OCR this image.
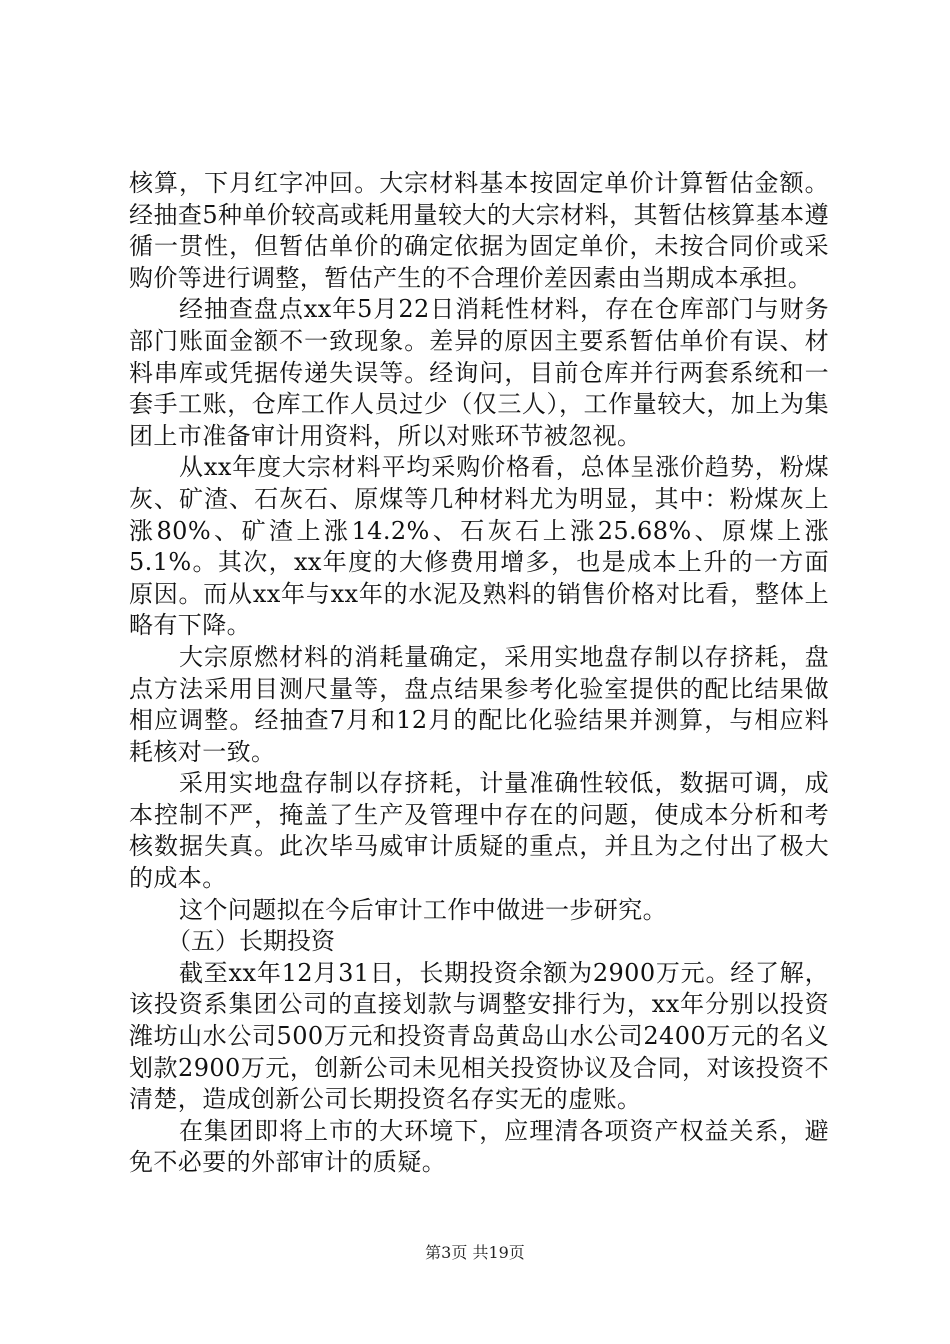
核算，下月红字冲回。大宗材料基本按固定单价计算暂估金额。经抽查5种单价较高或耗用量较大的大宗材料，其暂估核算基本遵循一贯性，但暂估单价的确定依据为固定单价，未按合同价或采购价等进行调整，暂估产生的不合理价差因素由当期成本承担。

经抽查盘点xx年5月22日消耗性材料，存在仓库部门与财务部门账面金额不一致现象。差异的原因主要系暂估单价有误、材料串库或凭据传递失误等。经询问，目前仓库并行两套系统和一套手工账，仓库工作人员过少（仅三人），工作量较大，加上为集团上市准备审计用资料，所以对账环节被忽视。

从xx年度大宗材料平均采购价格看，总体呈涨价趋势，粉煤灰、矿渣、石灰石、原煤等几种材料尤为明显，其中：粉煤灰上涨80%、矿渣上涨14.2%、石灰石上涨25.68%、原煤上涨5.1%。其次，xx年度的大修费用增多，也是成本上升的一方面原因。而从xx年与xx年的水泥及熟料的销售价格对比看，整体上略有下降。

大宗原燃材料的消耗量确定，采用实地盘存制以存挤耗，盘点方法采用目测尺量等，盘点结果参考化验室提供的配比结果做相应调整。经抽查7月和12月的配比化验结果并测算，与相应料耗核对一致。

采用实地盘存制以存挤耗，计量准确性较低，数据可调，成本控制不严，掩盖了生产及管理中存在的问题，使成本分析和考核数据失真。此次毕马威审计质疑的重点，并且为之付出了极大的成本。

这个问题拟在今后审计工作中做进一步研究。

（五）长期投资

截至xx年12月31日，长期投资余额为2900万元。经了解，该投资系集团公司的直接划款与调整安排行为，xx年分别以投资潍坊山水公司500万元和投资青岛黄岛山水公司2400万元的名义划款2900万元，创新公司未见相关投资协议及合同，对该投资不清楚，造成创新公司长期投资名存实无的虚账。

在集团即将上市的大环境下，应理清各项资产权益关系，避免不必要的外部审计的质疑。

第3页 共19页
